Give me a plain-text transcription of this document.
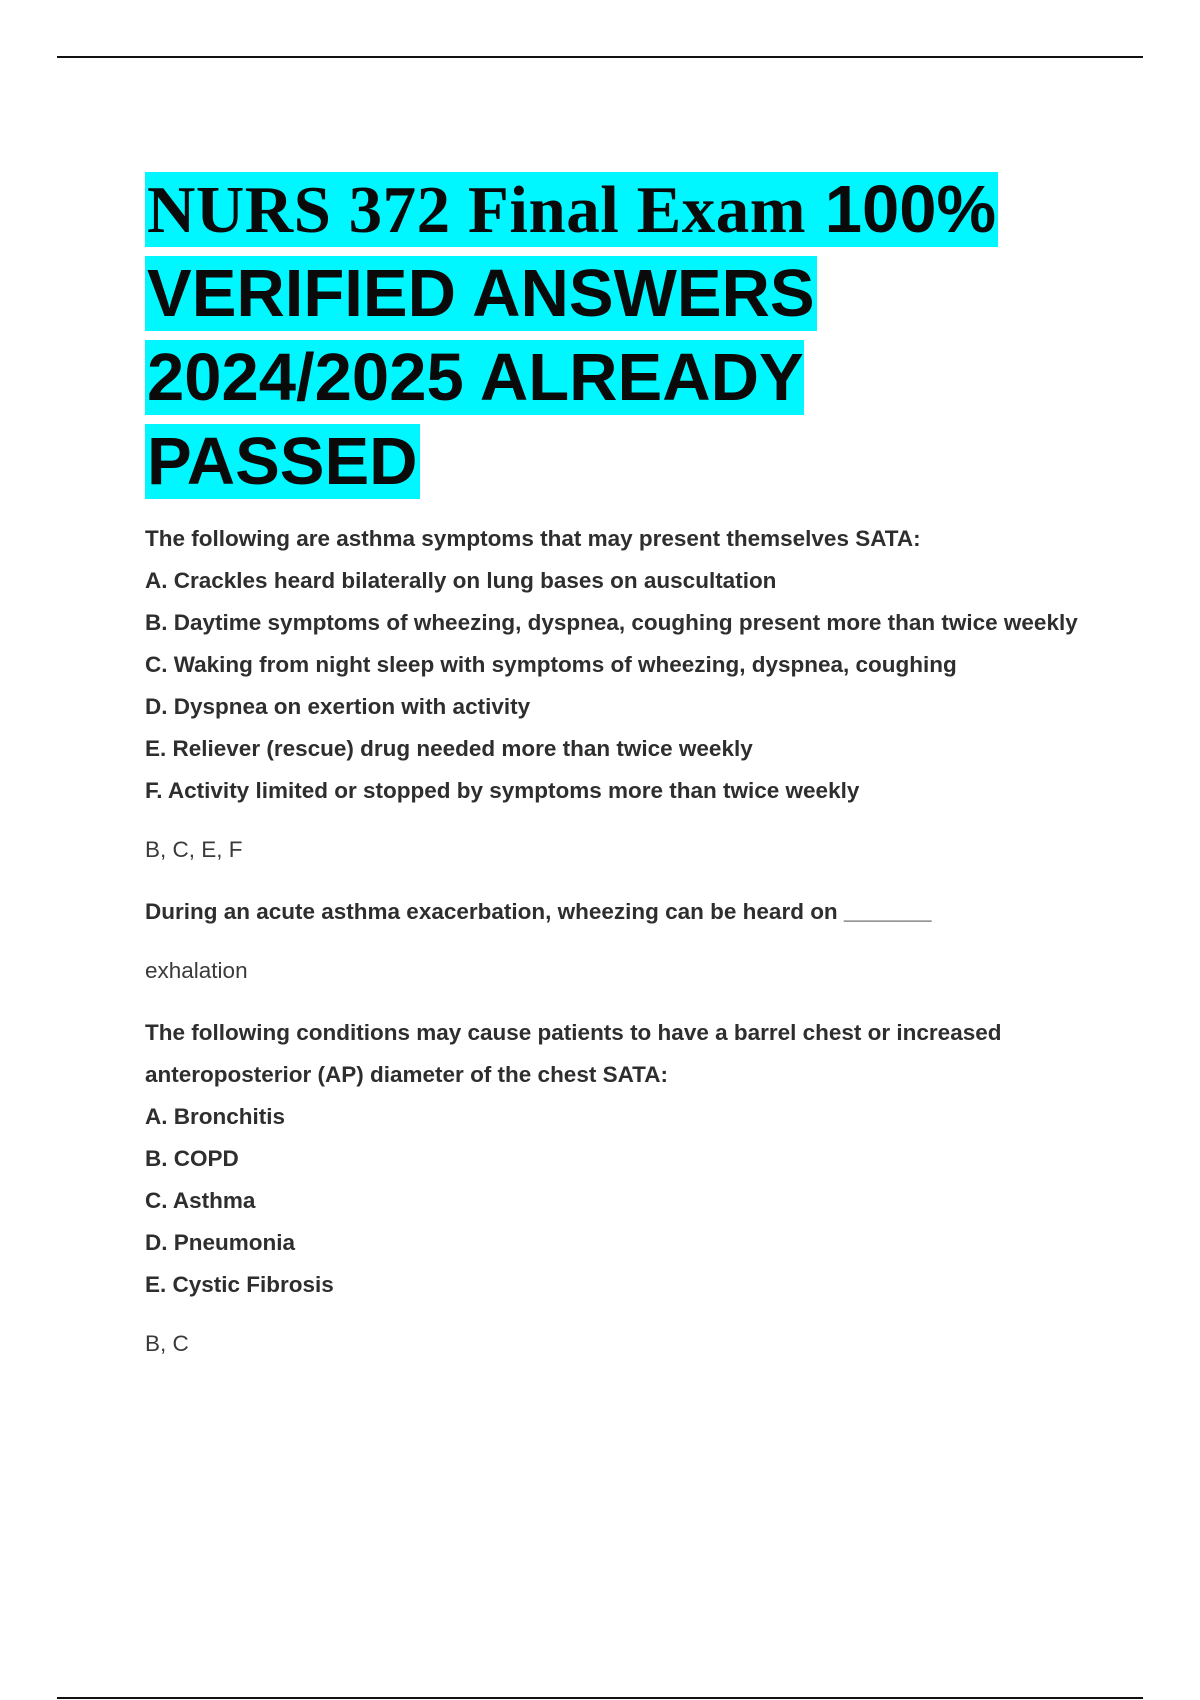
NURS 372 Final Exam 100% VERIFIED ANSWERS 2024/2025 ALREADY PASSED

The following are asthma symptoms that may present themselves SATA:

A. Crackles heard bilaterally on lung bases on auscultation

B. Daytime symptoms of wheezing, dyspnea, coughing present more than twice weekly

C. Waking from night sleep with symptoms of wheezing, dyspnea, coughing

D. Dyspnea on exertion with activity

E. Reliever (rescue) drug needed more than twice weekly

F. Activity limited or stopped by symptoms more than twice weekly

B, C, E, F

During an acute asthma exacerbation, wheezing can be heard on _______

exhalation

The following conditions may cause patients to have a barrel chest or increased anteroposterior (AP) diameter of the chest SATA:

A. Bronchitis

B. COPD

C. Asthma

D. Pneumonia

E. Cystic Fibrosis

B, C
